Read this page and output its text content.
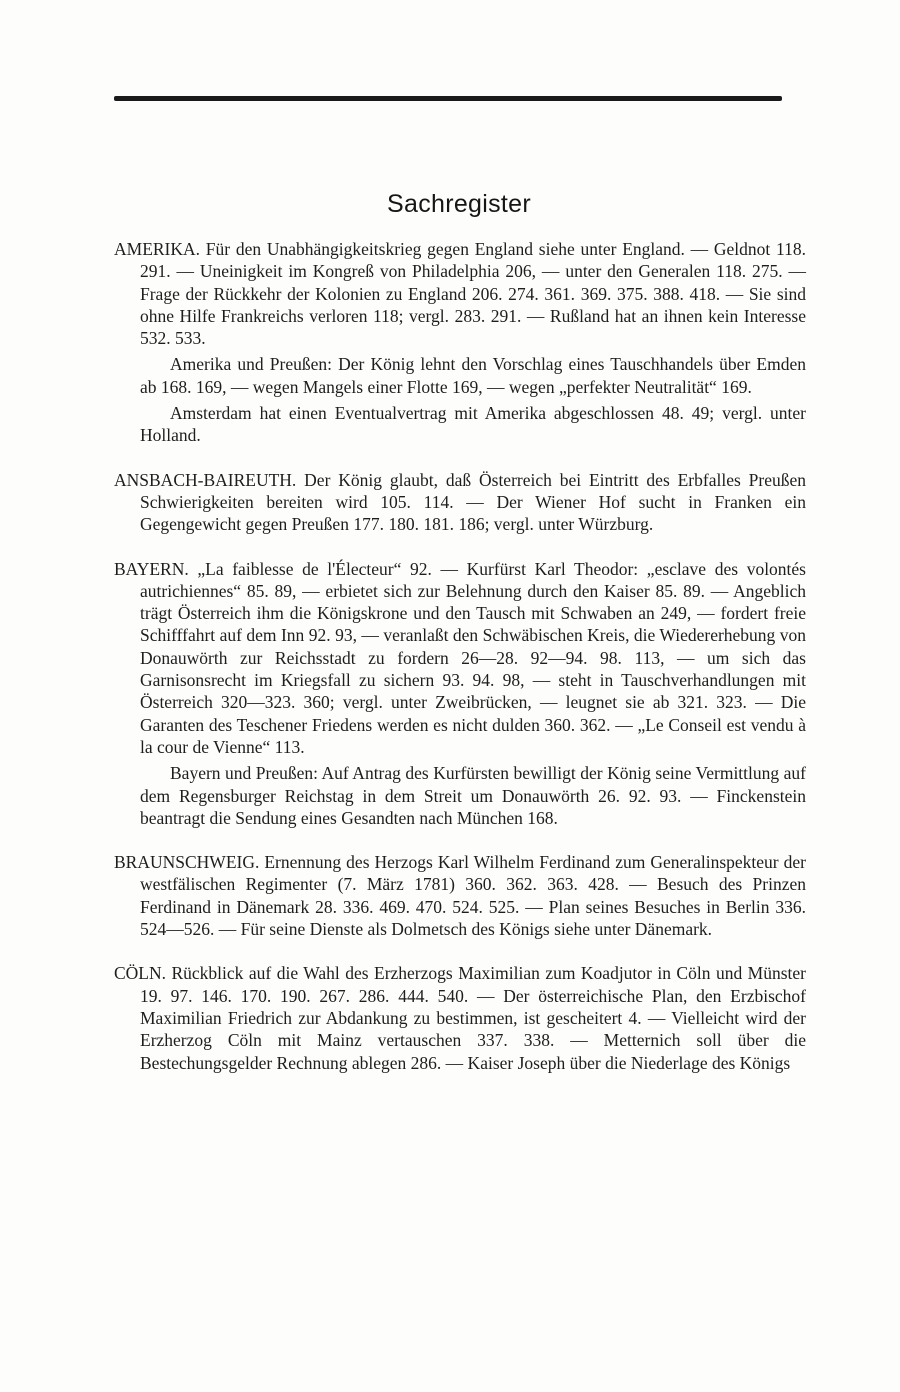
Sachregister

AMERIKA. Für den Unabhängigkeitskrieg gegen England siehe unter England. — Geldnot 118. 291. — Uneinigkeit im Kongreß von Philadelphia 206, — unter den Generalen 118. 275. — Frage der Rückkehr der Kolonien zu England 206. 274. 361. 369. 375. 388. 418. — Sie sind ohne Hilfe Frankreichs verloren 118; vergl. 283. 291. — Rußland hat an ihnen kein Interesse 532. 533.

Amerika und Preußen: Der König lehnt den Vorschlag eines Tauschhandels über Emden ab 168. 169, — wegen Mangels einer Flotte 169, — wegen „perfekter Neutralität“ 169.

Amsterdam hat einen Eventualvertrag mit Amerika abgeschlossen 48. 49; vergl. unter Holland.

ANSBACH-BAIREUTH. Der König glaubt, daß Österreich bei Eintritt des Erbfalles Preußen Schwierigkeiten bereiten wird 105. 114. — Der Wiener Hof sucht in Franken ein Gegengewicht gegen Preußen 177. 180. 181. 186; vergl. unter Würzburg.

BAYERN. „La faiblesse de l'Électeur“ 92. — Kurfürst Karl Theodor: „esclave des volontés autrichiennes“ 85. 89, — erbietet sich zur Belehnung durch den Kaiser 85. 89. — Angeblich trägt Österreich ihm die Königskrone und den Tausch mit Schwaben an 249, — fordert freie Schifffahrt auf dem Inn 92. 93, — veranlaßt den Schwäbischen Kreis, die Wiedererhebung von Donauwörth zur Reichsstadt zu fordern 26—28. 92—94. 98. 113, — um sich das Garnisonsrecht im Kriegsfall zu sichern 93. 94. 98, — steht in Tauschverhandlungen mit Österreich 320—323. 360; vergl. unter Zweibrücken, — leugnet sie ab 321. 323. — Die Garanten des Teschener Friedens werden es nicht dulden 360. 362. — „Le Conseil est vendu à la cour de Vienne“ 113.

Bayern und Preußen: Auf Antrag des Kurfürsten bewilligt der König seine Vermittlung auf dem Regensburger Reichstag in dem Streit um Donauwörth 26. 92. 93. — Finckenstein beantragt die Sendung eines Gesandten nach München 168.

BRAUNSCHWEIG. Ernennung des Herzogs Karl Wilhelm Ferdinand zum Generalinspekteur der westfälischen Regimenter (7. März 1781) 360. 362. 363. 428. — Besuch des Prinzen Ferdinand in Dänemark 28. 336. 469. 470. 524. 525. — Plan seines Besuches in Berlin 336. 524—526. — Für seine Dienste als Dolmetsch des Königs siehe unter Dänemark.

CÖLN. Rückblick auf die Wahl des Erzherzogs Maximilian zum Koadjutor in Cöln und Münster 19. 97. 146. 170. 190. 267. 286. 444. 540. — Der österreichische Plan, den Erzbischof Maximilian Friedrich zur Abdankung zu bestimmen, ist gescheitert 4. — Vielleicht wird der Erzherzog Cöln mit Mainz vertauschen 337. 338. — Metternich soll über die Bestechungsgelder Rechnung ablegen 286. — Kaiser Joseph über die Niederlage des Königs
